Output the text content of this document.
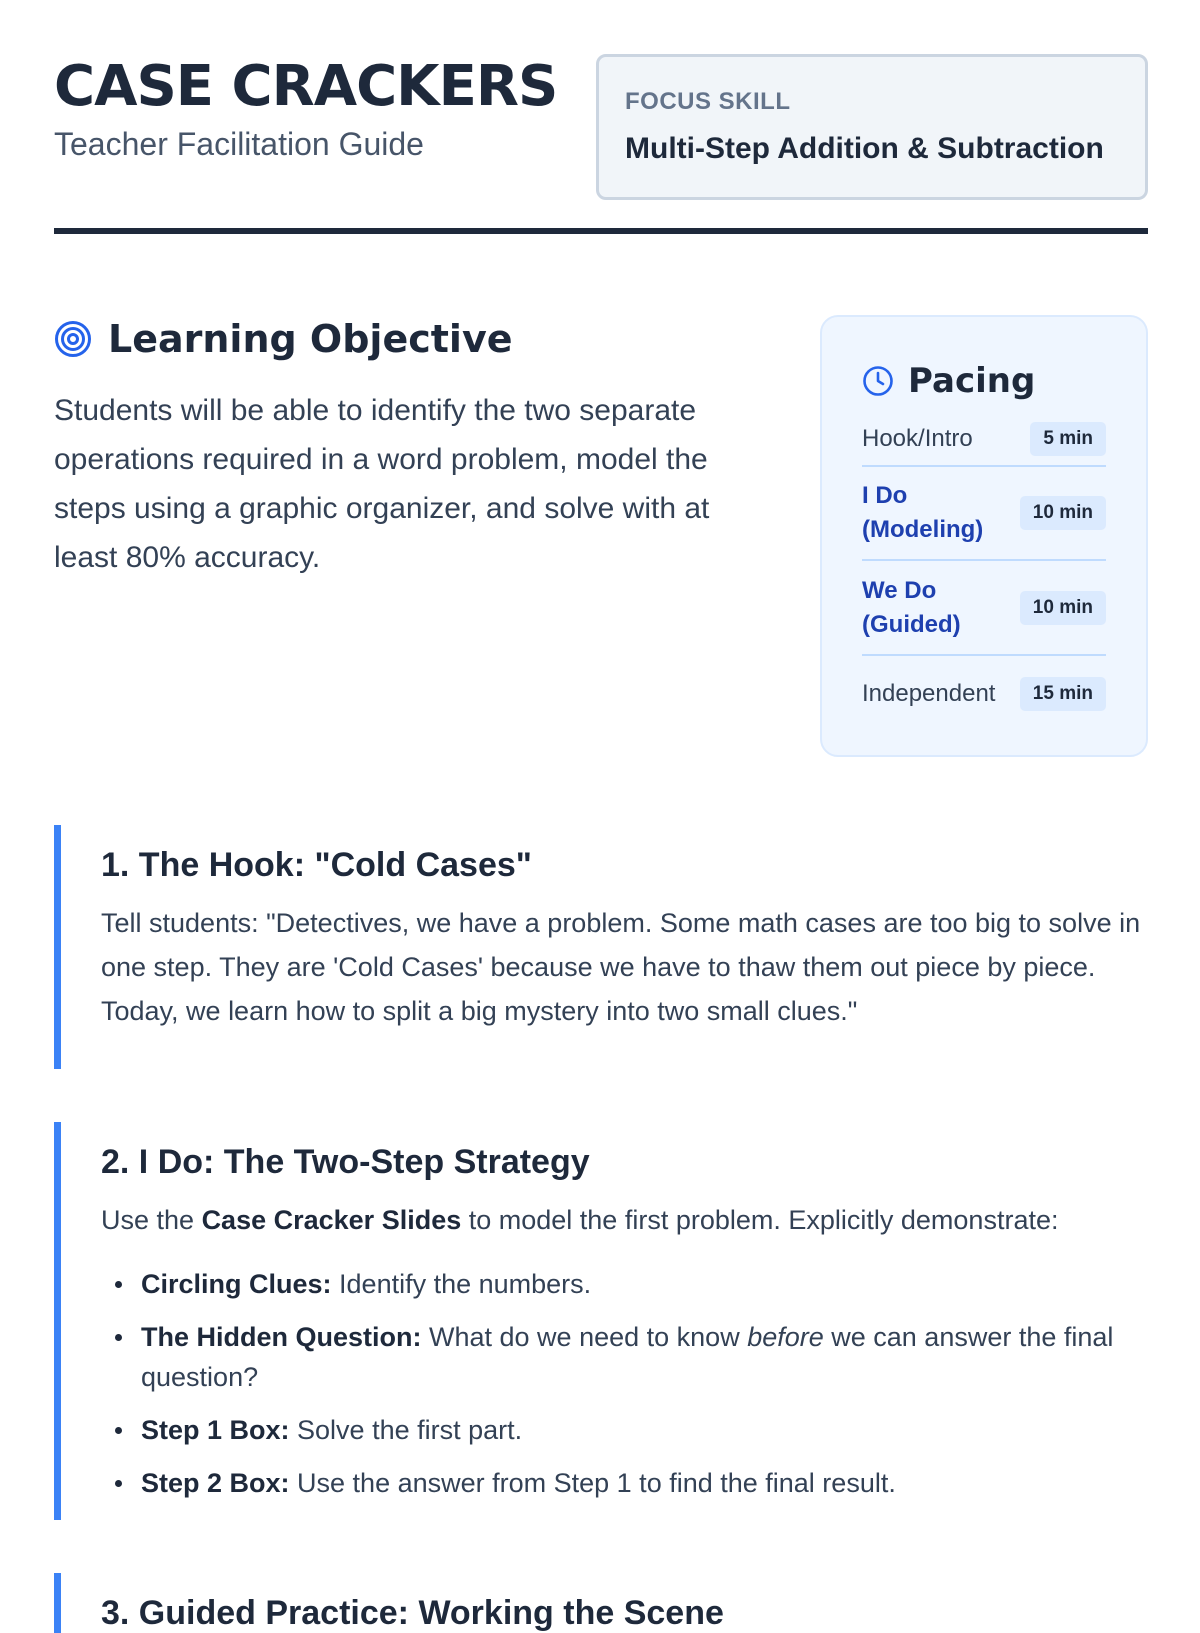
CASE CRACKERS
Teacher Facilitation Guide
FOCUS SKILL
Multi-Step Addition & Subtraction
Learning Objective

Students will be able to identify the two separate operations required in a word problem, model the steps using a graphic organizer, and solve with at least 80% accuracy.

Pacing
Hook/Intro	5 min
I Do (Modeling)
10 min
We Do (Guided)
10 min
Independent	15 min
1. The Hook: "Cold Cases"

Tell students: "Detectives, we have a problem. Some math cases are too big to solve in one step. They are 'Cold Cases' because we have to thaw them out piece by piece. Today, we learn how to split a big mystery into two small clues."

2. I Do: The Two-Step Strategy

Use the Case Cracker Slides to model the first problem. Explicitly demonstrate:

Circling Clues: Identify the numbers.
The Hidden Question: What do we need to know before we can answer the final question?
Step 1 Box: Solve the first part.
Step 2 Box: Use the answer from Step 1 to find the final result.
3. Guided Practice: Working the Scene
